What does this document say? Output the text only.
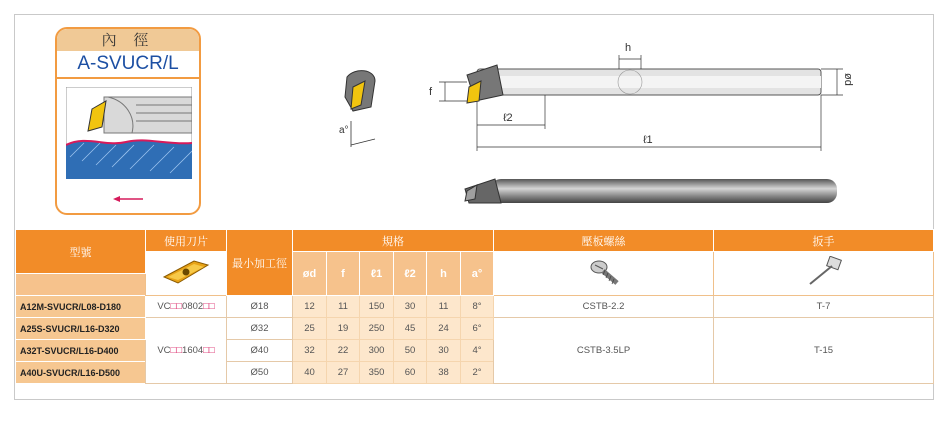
內 徑
A-SVUCR/L
a°
h
f
ød
ℓ2
ℓ1
型號	使用刀片	最小加工徑	規格						壓板螺絲	扳手
	ød	f	ℓ1	ℓ2	h	a°		

A12M-SVUCR/L08-D180	VC□□0802□□	Ø18	12	11	150	30	11	8°	CSTB-2.2	T-7
A25S-SVUCR/L16-D320	VC□□1604□□	Ø32	25	19	250	45	24	6°	CSTB-3.5LP	T-15
A32T-SVUCR/L16-D400		Ø40	32	22	300	50	30	4°		
A40U-SVUCR/L16-D500		Ø50	40	27	350	60	38	2°		
